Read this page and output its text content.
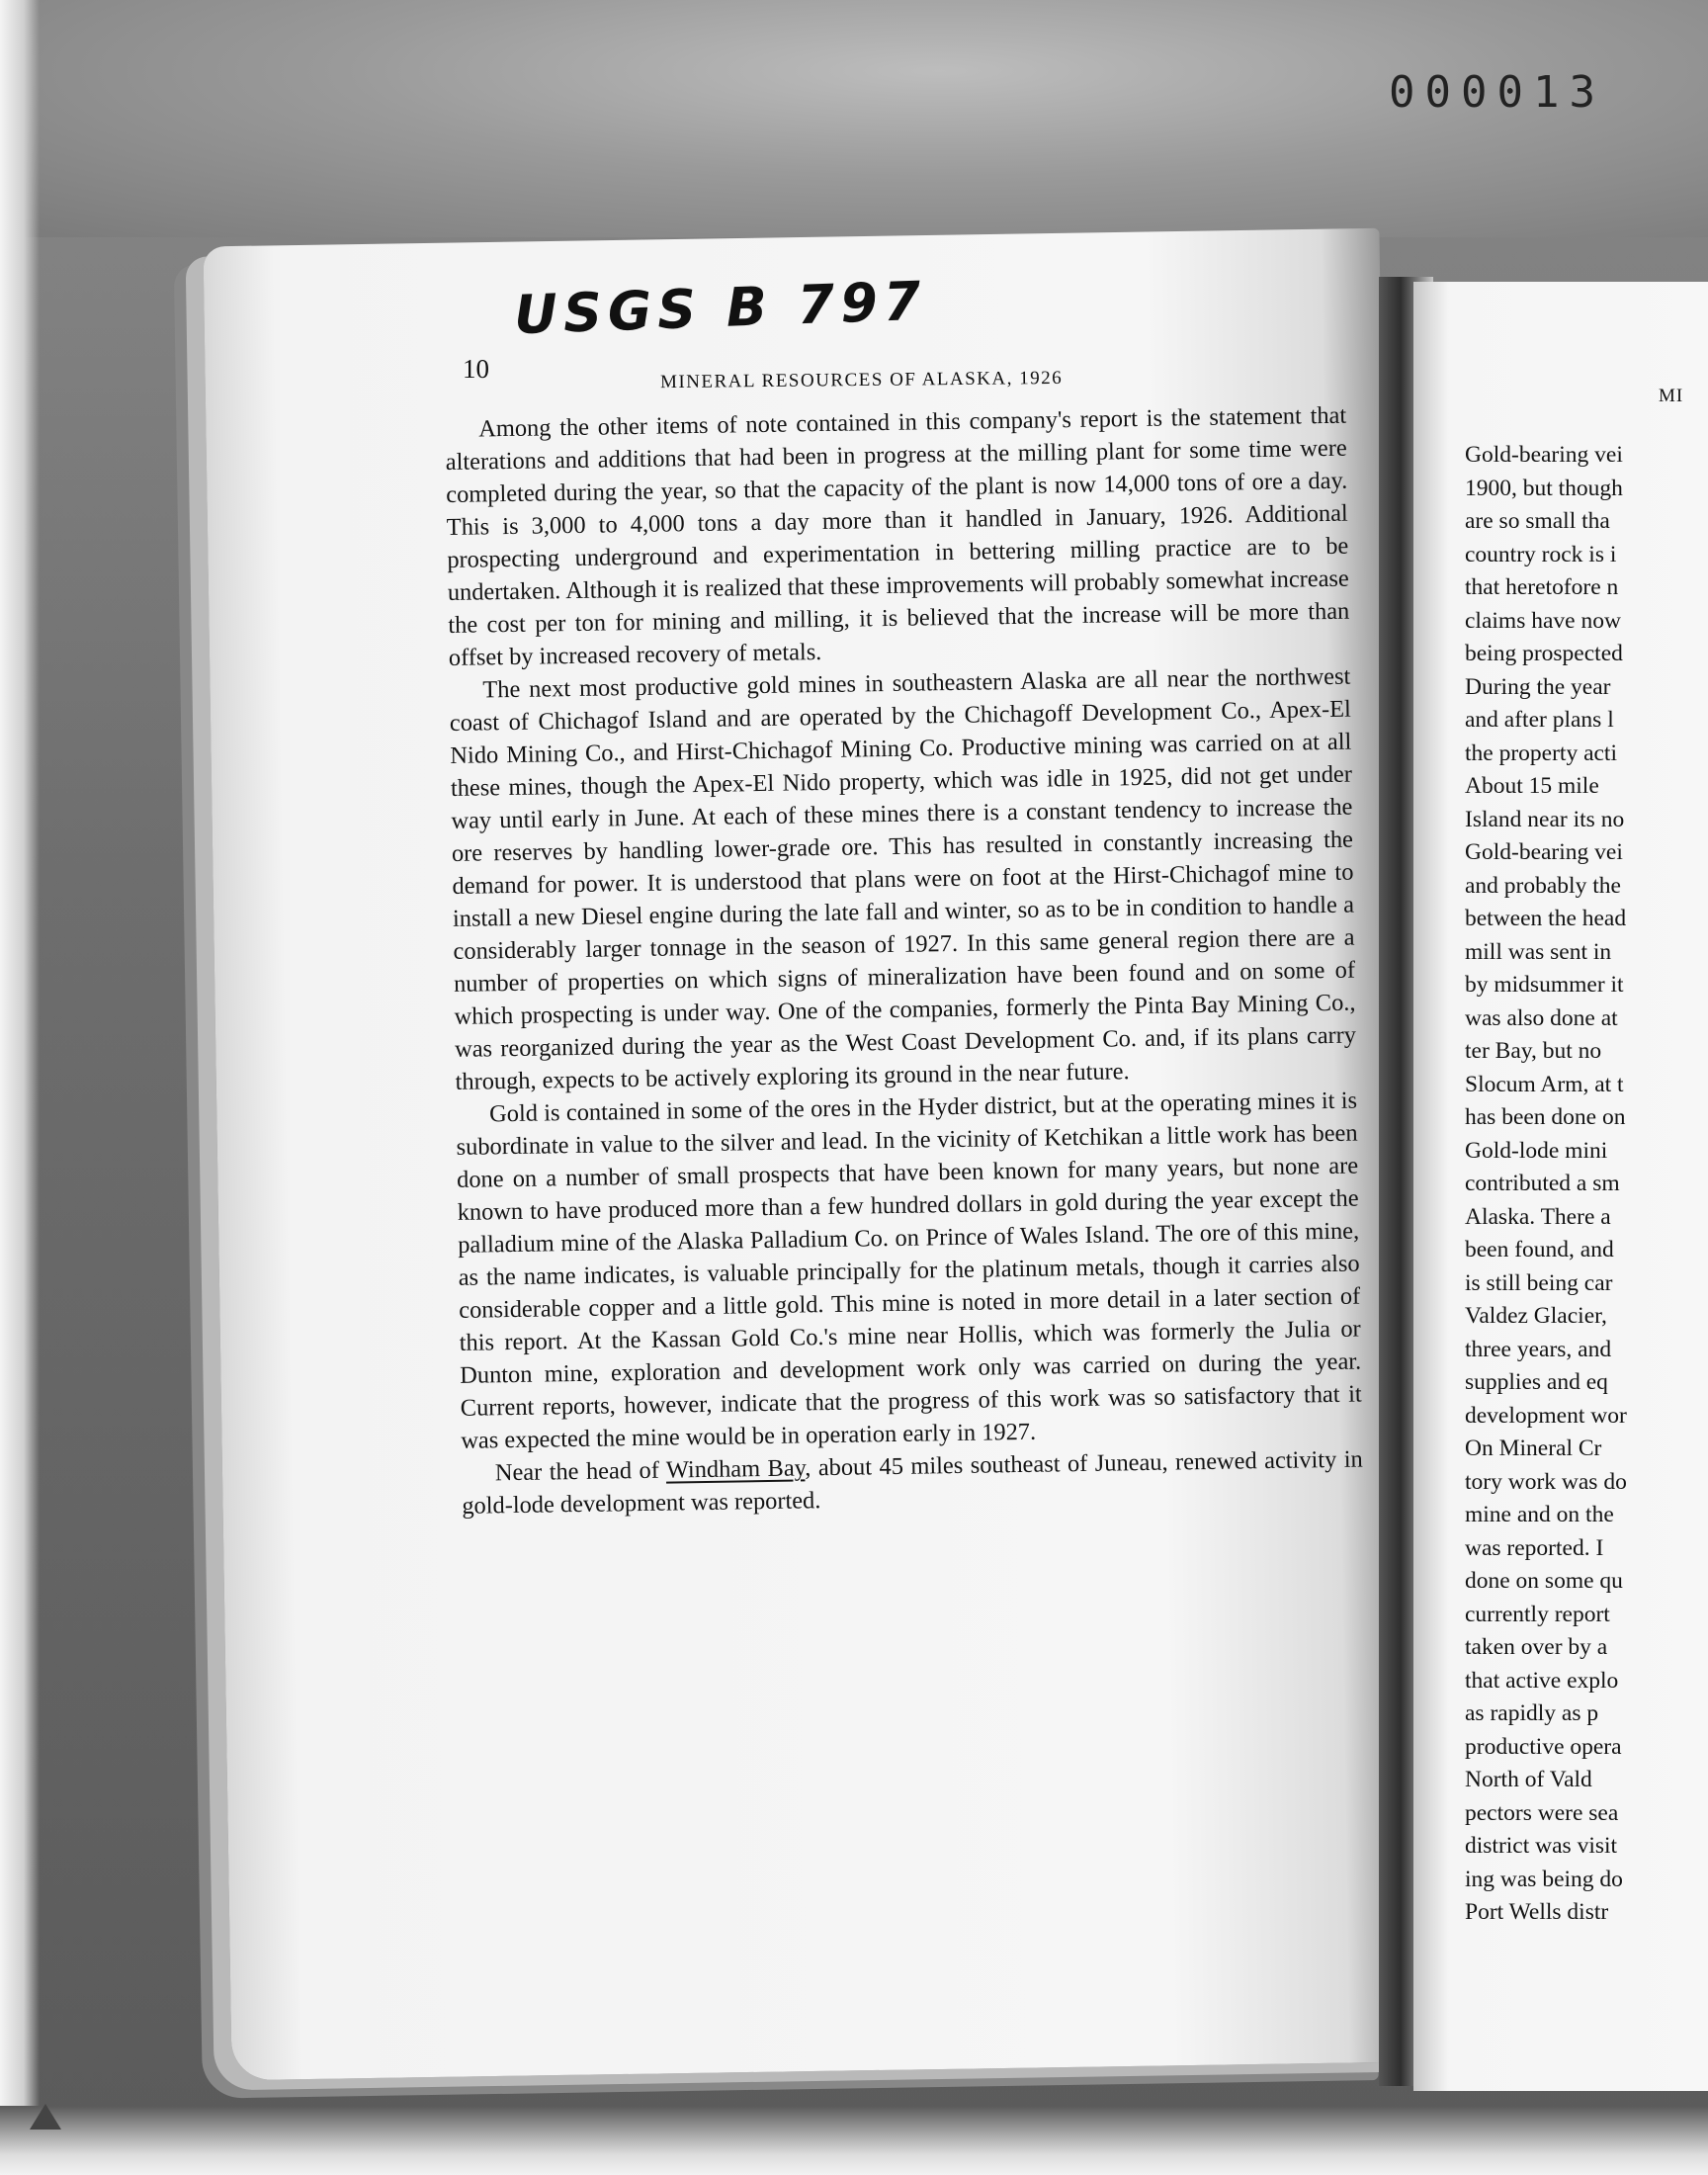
000013
USGS B 797
10	MINERAL RESOURCES OF ALASKA, 1926

Among the other items of note contained in this company's report is the statement that alterations and additions that had been in progress at the milling plant for some time were completed during the year, so that the capacity of the plant is now 14,000 tons of ore a day. This is 3,000 to 4,000 tons a day more than it handled in January, 1926. Additional prospecting underground and experimentation in bettering milling practice are to be undertaken. Although it is realized that these improvements will probably somewhat increase the cost per ton for mining and milling, it is believed that the increase will be more than offset by increased recovery of metals.

The next most productive gold mines in southeastern Alaska are all near the northwest coast of Chichagof Island and are operated by the Chichagoff Development Co., Apex-El Nido Mining Co., and Hirst-Chichagof Mining Co. Productive mining was carried on at all these mines, though the Apex-El Nido property, which was idle in 1925, did not get under way until early in June. At each of these mines there is a constant tendency to increase the ore reserves by handling lower-grade ore. This has resulted in constantly increasing the demand for power. It is understood that plans were on foot at the Hirst-Chichagof mine to install a new Diesel engine during the late fall and winter, so as to be in condition to handle a considerably larger tonnage in the season of 1927. In this same general region there are a number of properties on which signs of mineralization have been found and on some of which prospecting is under way. One of the companies, formerly the Pinta Bay Mining Co., was reorganized during the year as the West Coast Development Co. and, if its plans carry through, expects to be actively exploring its ground in the near future.

Gold is contained in some of the ores in the Hyder district, but at the operating mines it is subordinate in value to the silver and lead. In the vicinity of Ketchikan a little work has been done on a number of small prospects that have been known for many years, but none are known to have produced more than a few hundred dollars in gold during the year except the palladium mine of the Alaska Palladium Co. on Prince of Wales Island. The ore of this mine, as the name indicates, is valuable principally for the platinum metals, though it carries also considerable copper and a little gold. This mine is noted in more detail in a later section of this report. At the Kassan Gold Co.'s mine near Hollis, which was formerly the Julia or Dunton mine, exploration and development work only was carried on during the year. Current reports, however, indicate that the progress of this work was so satisfactory that it was expected the mine would be in operation early in 1927.

Near the head of Windham Bay, about 45 miles southeast of Juneau, renewed activity in gold-lode development was reported.

MI
Gold-bearing vei
1900, but though
are so small tha
country rock is i
that heretofore n
claims have now
being prospected
During the year
and after plans l
the property acti
About 15 mile
Island near its no
Gold-bearing vei
and probably the
between the head
mill was sent in
by midsummer it
was also done at
ter Bay, but no
Slocum Arm, at t
has been done on
Gold-lode mini
contributed a sm
Alaska. There a
been found, and
is still being car
Valdez Glacier,
three years, and
supplies and eq
development wor
On Mineral Cr
tory work was do
mine and on the
was reported. I
done on some qu
currently report
taken over by a
that active explo
as rapidly as p
productive opera
North of Vald
pectors were sea
district was visit
ing was being do
Port Wells distr
